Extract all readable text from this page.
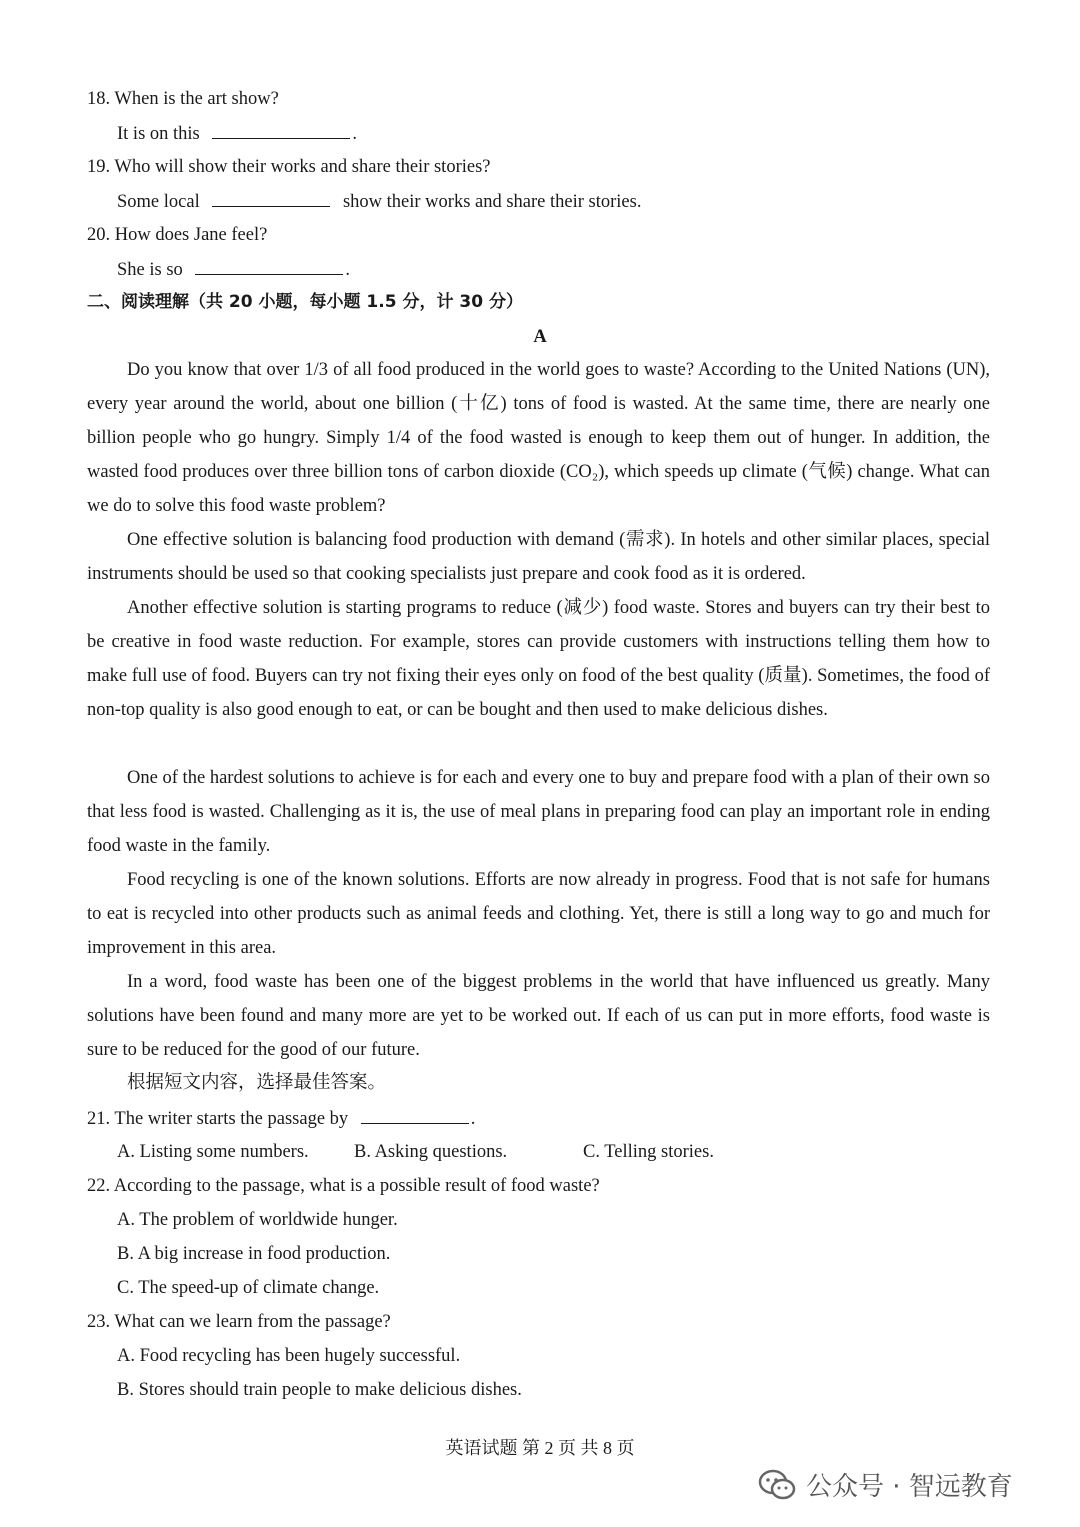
18. When is the art show?
It is on this	.
19. Who will show their works and share their stories?
Some local	show their works and share their stories.
20. How does Jane feel?
She is so	.
二、阅读理解（共 20 小题，每小题 1.5 分，计 30 分）
A

Do you know that over 1/3 of all food produced in the world goes to waste? According to the United Nations (UN), every year around the world, about one billion (十亿) tons of food is wasted. At the same time, there are nearly one billion people who go hungry. Simply 1/4 of the food wasted is enough to keep them out of hunger. In addition, the wasted food produces over three billion tons of carbon dioxide (CO₂), which speeds up climate (气候) change. What can we do to solve this food waste problem?

One effective solution is balancing food production with demand (需求). In hotels and other similar places, special instruments should be used so that cooking specialists just prepare and cook food as it is ordered.

Another effective solution is starting programs to reduce (减少) food waste. Stores and buyers can try their best to be creative in food waste reduction. For example, stores can provide customers with instructions telling them how to make full use of food. Buyers can try not fixing their eyes only on food of the best quality (质量). Sometimes, the food of non-top quality is also good enough to eat, or can be bought and then used to make delicious dishes.

One of the hardest solutions to achieve is for each and every one to buy and prepare food with a plan of their own so that less food is wasted. Challenging as it is, the use of meal plans in preparing food can play an important role in ending food waste in the family.

Food recycling is one of the known solutions. Efforts are now already in progress. Food that is not safe for humans to eat is recycled into other products such as animal feeds and clothing. Yet, there is still a long way to go and much for improvement in this area.

In a word, food waste has been one of the biggest problems in the world that have influenced us greatly. Many solutions have been found and many more are yet to be worked out. If each of us can put in more efforts, food waste is sure to be reduced for the good of our future.

根据短文内容，选择最佳答案。
21. The writer starts the passage by	.
A. Listing some numbers. B. Asking questions.	C. Telling stories.
22. According to the passage, what is a possible result of food waste?
A. The problem of worldwide hunger.
B. A big increase in food production.
C. The speed-up of climate change.
23. What can we learn from the passage?
A. Food recycling has been hugely successful.
B. Stores should train people to make delicious dishes.
英语试题 第 2 页 共 8 页
公众号 · 智远教育
